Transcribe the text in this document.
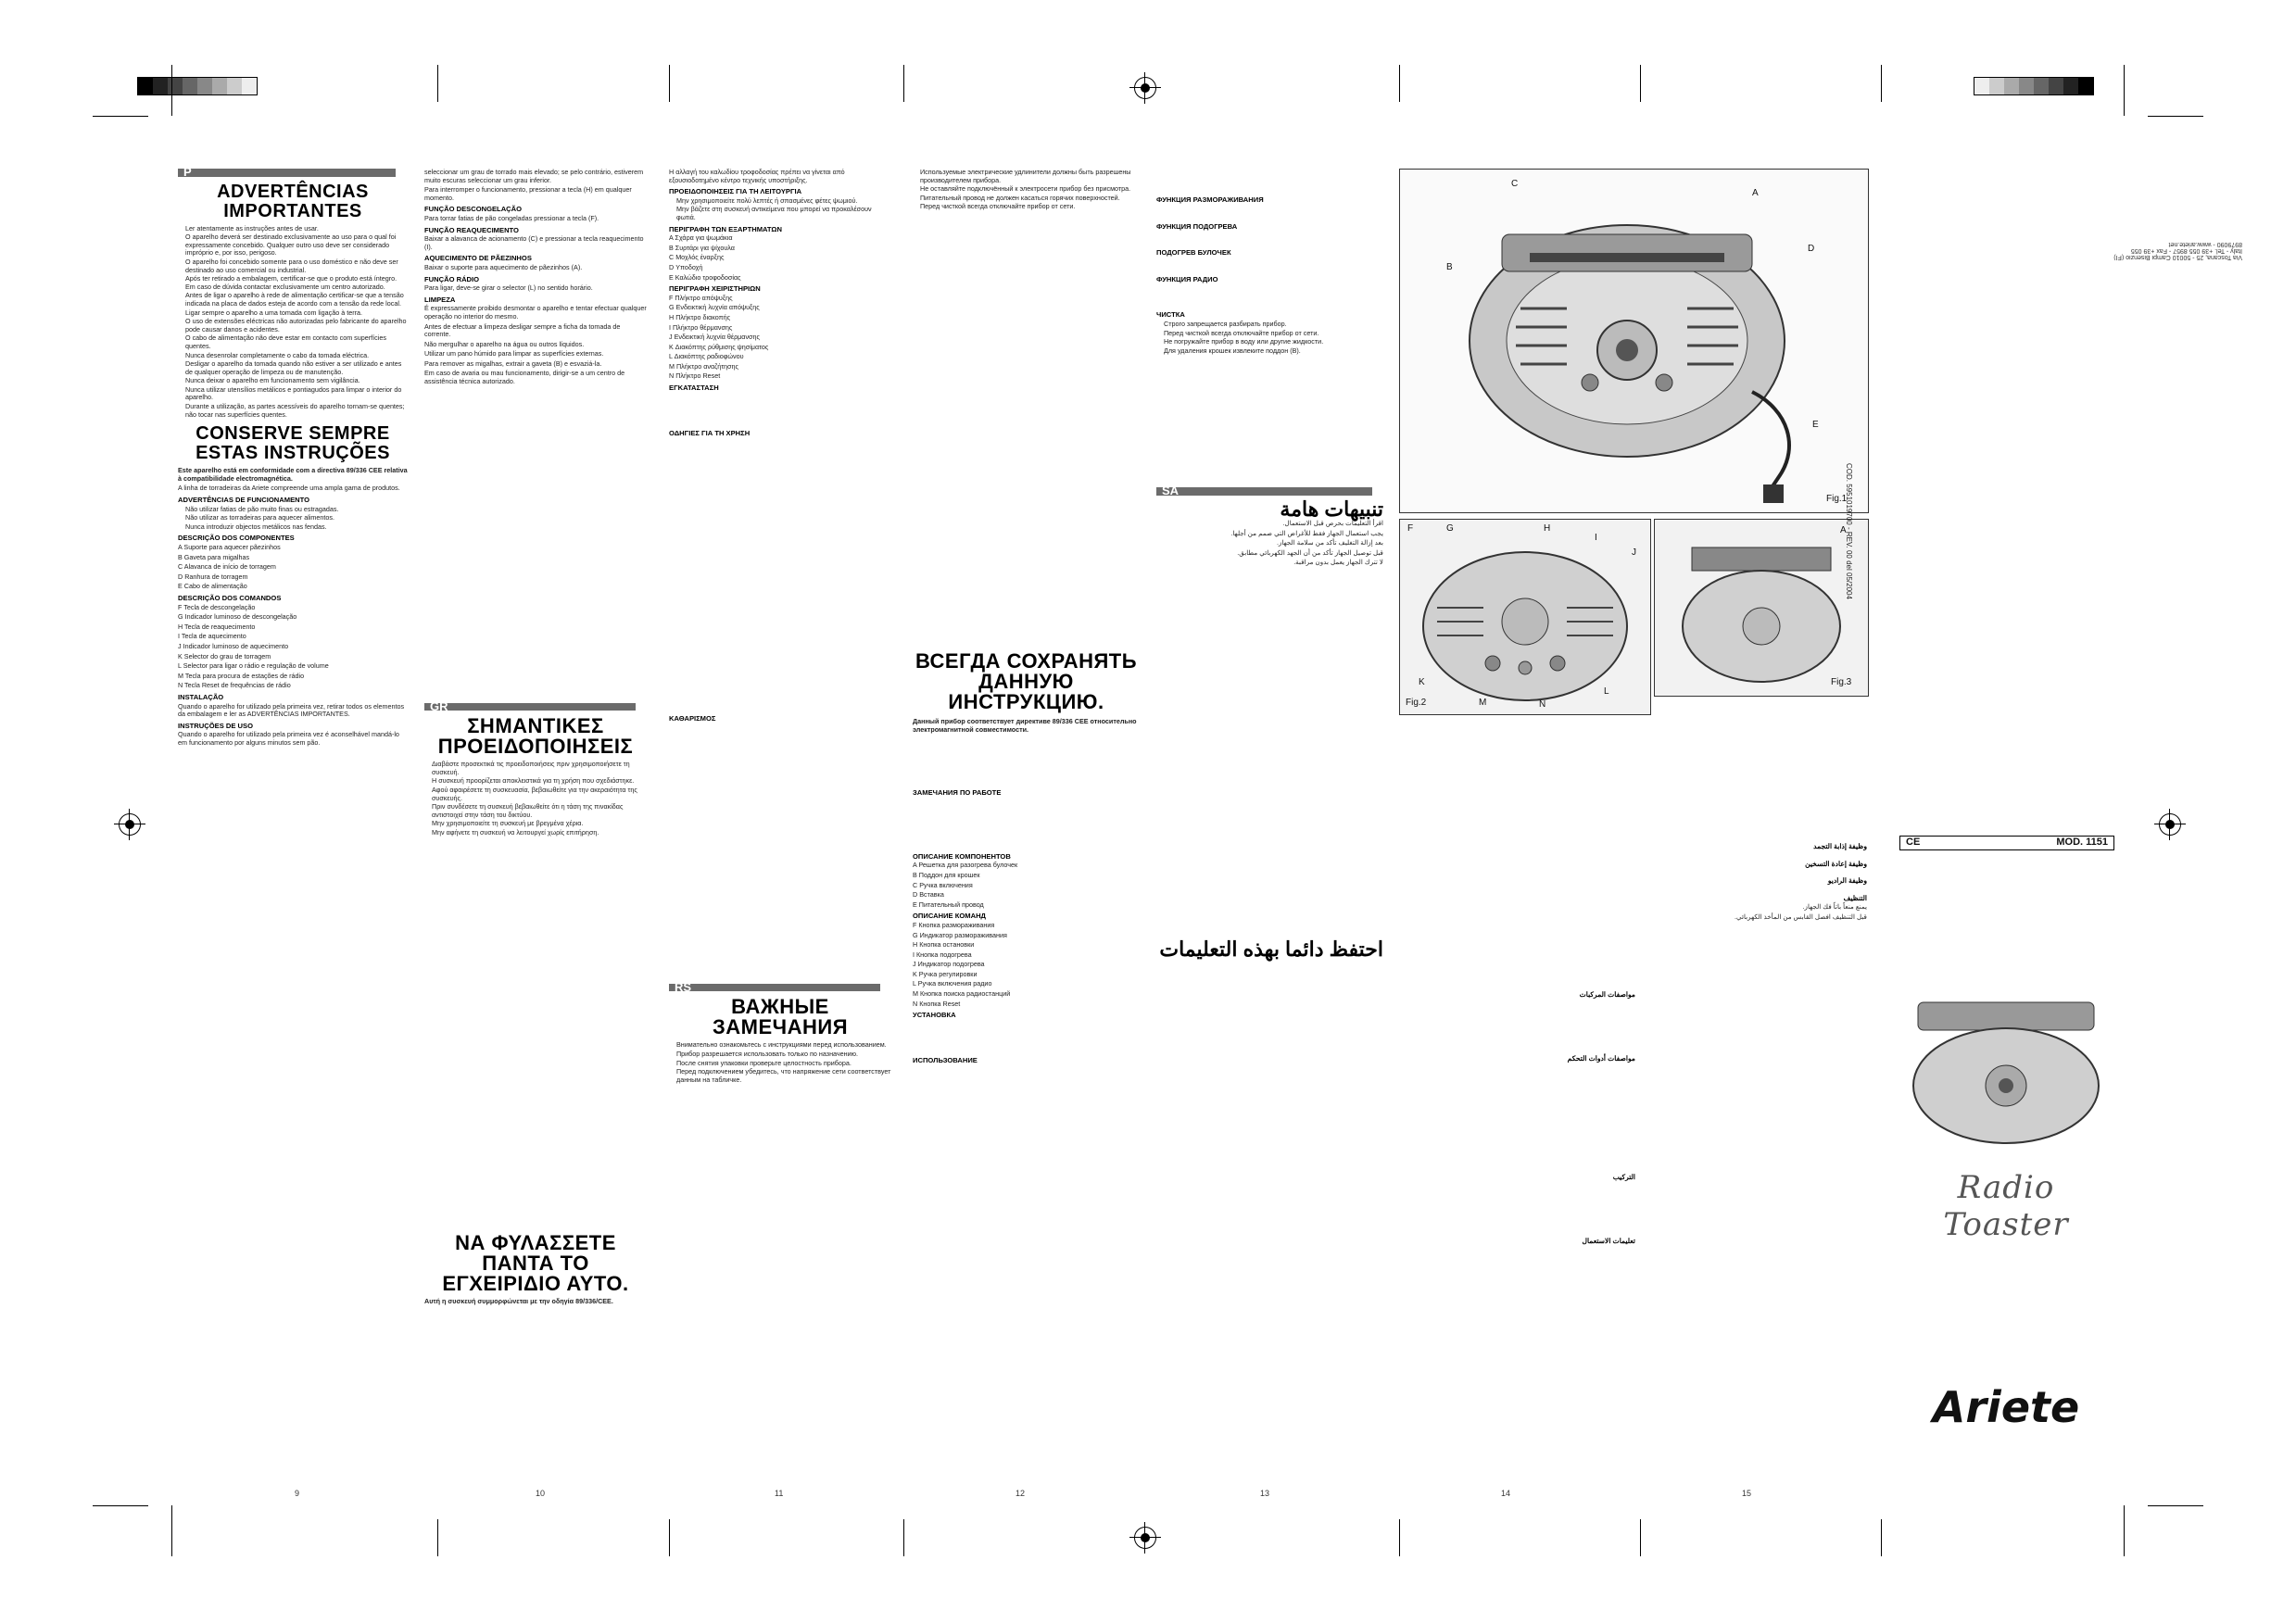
9	10	11	12	13	14	15
P
ADVERTÊNCIAS IMPORTANTES
• Ler atentamente as instruções antes de usar.
• O aparelho deverá ser destinado exclusivamente ao uso para o qual foi expressamente concebido. Qualquer outro uso deve ser considerado impróprio e, por isso, perigoso.
• O aparelho foi concebido somente para o uso doméstico e não deve ser destinado ao uso comercial ou industrial.
• Após ter retirado a embalagem, certificar-se que o produto está íntegro. Em caso de dúvida contactar exclusivamente um centro autorizado.
• Antes de ligar o aparelho à rede de alimentação certificar-se que a tensão indicada na placa de dados esteja de acordo com a tensão da rede local.
• Ligar sempre o aparelho a uma tomada com ligação à terra.
• O uso de extensões eléctricas não autorizadas pelo fabricante do aparelho pode causar danos e acidentes.
• O cabo de alimentação não deve estar em contacto com superfícies quentes.
• Nunca desenrolar completamente o cabo da tomada eléctrica.
• Desligar o aparelho da tomada quando não estiver a ser utilizado e antes de qualquer operação de limpeza ou de manutenção.
• Nunca deixar o aparelho em funcionamento sem vigilância.
• Nunca utilizar utensílios metálicos e pontiagudos para limpar o interior do aparelho.
• Durante a utilização, as partes acessíveis do aparelho tornam-se quentes; não tocar nas superfícies quentes.
CONSERVE SEMPRE ESTAS INSTRUÇÕES

Este aparelho está em conformidade com a directiva 89/336 CEE relativa à compatibilidade electromagnética.

A linha de torradeiras da Ariete compreende uma ampla gama de produtos.

ADVERTÊNCIAS DE FUNCIONAMENTO
• Não utilizar fatias de pão muito finas ou estragadas.
• Não utilizar as torradeiras para aquecer alimentos.
• Nunca introduzir objectos metálicos nas fendas.
DESCRIÇÃO DOS COMPONENTES

A Suporte para aquecer pãezinhos

B Gaveta para migalhas

C Alavanca de início de torragem

D Ranhura de torragem

E Cabo de alimentação

DESCRIÇÃO DOS COMANDOS

F Tecla de descongelação

G Indicador luminoso de descongelação

H Tecla de reaquecimento

I Tecla de aquecimento

J Indicador luminoso de aquecimento

K Selector do grau de torragem

L Selector para ligar o rádio e regulação de volume

M Tecla para procura de estações de rádio

N Tecla Reset de frequências de rádio

INSTALAÇÃO

Quando o aparelho for utilizado pela primeira vez, retirar todos os elementos da embalagem e ler as ADVERTÊNCIAS IMPORTANTES.

INSTRUÇÕES DE USO

Quando o aparelho for utilizado pela primeira vez é aconselhável mandá-lo em funcionamento por alguns minutos sem pão.

seleccionar um grau de torrado mais elevado; se pelo contrário, estiverem muito escuras seleccionar um grau inferior.

Para interromper o funcionamento, pressionar a tecla (H) em qualquer momento.

FUNÇÃO DESCONGELAÇÃO

Para torrar fatias de pão congeladas pressionar a tecla (F).

FUNÇÃO REAQUECIMENTO

Baixar a alavanca de acionamento (C) e pressionar a tecla reaquecimento (I).

AQUECIMENTO DE PÃEZINHOS

Baixar o suporte para aquecimento de pãezinhos (A).

FUNÇÃO RÁDIO

Para ligar, deve-se girar o selector (L) no sentido horário.

LIMPEZA

É expressamente proibido desmontar o aparelho e tentar efectuar qualquer operação no interior do mesmo.

Antes de efectuar a limpeza desligar sempre a ficha da tomada de corrente.

Não mergulhar o aparelho na água ou outros líquidos.

Utilizar um pano húmido para limpar as superfícies externas.

Para remover as migalhas, extrair a gaveta (B) e esvaziá-la.

Em caso de avaria ou mau funcionamento, dirigir-se a um centro de assistência técnica autorizado.

GR
ΣΗΜΑΝΤΙΚΕΣ ΠΡΟΕΙΔΟΠΟΙΗΣΕΙΣ
• Διαβάστε προσεκτικά τις προειδοποιήσεις πριν χρησιμοποιήσετε τη συσκευή.
• Η συσκευή προορίζεται αποκλειστικά για τη χρήση που σχεδιάστηκε.
• Αφού αφαιρέσετε τη συσκευασία, βεβαιωθείτε για την ακεραιότητα της συσκευής.
• Πριν συνδέσετε τη συσκευή βεβαιωθείτε ότι η τάση της πινακίδας αντιστοιχεί στην τάση του δικτύου.
• Μην χρησιμοποιείτε τη συσκευή με βρεγμένα χέρια.
• Μην αφήνετε τη συσκευή να λειτουργεί χωρίς επιτήρηση.
ΝΑ ΦΥΛΑΣΣΕΤΕ ΠΑΝΤΑ ΤΟ ΕΓΧΕΙΡΙΔΙΟ ΑΥΤΟ.

Αυτή η συσκευή συμμορφώνεται με την οδηγία 89/336/CEE.

Η αλλαγή του καλωδίου τροφοδοσίας πρέπει να γίνεται από εξουσιοδοτημένο κέντρο τεχνικής υποστήριξης.

ΠΡΟΕΙΔΟΠΟΙΗΣΕΙΣ ΓΙΑ ΤΗ ΛΕΙΤΟΥΡΓΙΑ
• Μην χρησιμοποιείτε πολύ λεπτές ή σπασμένες φέτες ψωμιού.
• Μην βάζετε στη συσκευή αντικείμενα που μπορεί να προκαλέσουν φωτιά.
ΠΕΡΙΓΡΑΦΗ ΤΩΝ ΕΞΑΡΤΗΜΑΤΩΝ

A Σχάρα για ψωμάκια

B Συρτάρι για ψίχουλα

C Μοχλός έναρξης

D Υποδοχή

E Καλώδιο τροφοδοσίας

ΠΕΡΙΓΡΑΦΗ ΧΕΙΡΙΣΤΗΡΙΩΝ

F Πλήκτρο απόψυξης

G Ενδεικτική λυχνία απόψυξης

H Πλήκτρο διακοπής

I Πλήκτρο θέρμανσης

J Ενδεικτική λυχνία θέρμανσης

K Διακόπτης ρύθμισης ψησίματος

L Διακόπτης ραδιοφώνου

M Πλήκτρο αναζήτησης

N Πλήκτρο Reset

ΕΓΚΑΤΑΣΤΑΣΗ
ΟΔΗΓΙΕΣ ΓΙΑ ΤΗ ΧΡΗΣΗ
ΚΑΘΑΡΙΣΜΟΣ
RS
ВАЖНЫЕ ЗАМЕЧАНИЯ
• Внимательно ознакомьтесь с инструкциями перед использованием.
• Прибор разрешается использовать только по назначению.
• После снятия упаковки проверьте целостность прибора.
• Перед подключением убедитесь, что напряжение сети соответствует данным на табличке.
• Используемые электрические удлинители должны быть разрешены производителем прибора.
• Не оставляйте подключённый к электросети прибор без присмотра.
• Питательный провод не должен касаться горячих поверхностей.
• Перед чисткой всегда отключайте прибор от сети.
ВСЕГДА СОХРАНЯТЬ ДАННУЮ ИНСТРУКЦИЮ.

Данный прибор соответствует директиве 89/336 CEE относительно электромагнитной совместимости.

ЗАМЕЧАНИЯ ПО РАБОТЕ
ОПИСАНИЕ КОМПОНЕНТОВ

A Решетка для разогрева булочек

B Поддон для крошек

C Ручка включения

D Вставка

E Питательный провод

ОПИСАНИЕ КОМАНД

F Кнопка размораживания

G Индикатор размораживания

H Кнопка остановки

I Кнопка подогрева

J Индикатор подогрева

K Ручка регулировки

L Ручка включения радио

M Кнопка поиска радиостанций

N Кнопка Reset

УСТАНОВКА
ИСПОЛЬЗОВАНИЕ
ФУНКЦИЯ РАЗМОРАЖИВАНИЯ
ФУНКЦИЯ ПОДОГРЕВА
ПОДОГРЕВ БУЛОЧЕК
ФУНКЦИЯ РАДИО
ЧИСТКА
• Строго запрещается разбирать прибор.
• Перед чисткой всегда отключайте прибор от сети.
• Не погружайте прибор в воду или другие жидкости.
• Для удаления крошек извлеките поддон (B).
SA
تنبيهات هامة

اقرأ التعليمات بحرص قبل الاستعمال.

يجب استعمال الجهاز فقط للأغراض التي صمم من أجلها.

بعد إزالة التغليف تأكد من سلامة الجهاز.

قبل توصيل الجهاز تأكد من أن الجهد الكهربائي مطابق.

لا تترك الجهاز يعمل بدون مراقبة.

احتفظ دائما بهذه التعليمات
C
A
B
D
E
Fig.1
F	G	H
I
J
K
L
M	N
Fig.2
A
Fig.3
مواصفات المركبات
مواصفات أدوات التحكم
التركيب
تعليمات الاستعمال
وظيفة إذابة التجمد
وظيفة إعادة التسخين
وظيفة الراديو
التنظيف

يمنع منعاً باتاً فك الجهاز.

قبل التنظيف افصل القابس من المأخذ الكهربائي.

CE	MOD. 1151
Radio Toaster
Ariete
COD. 5951019700 - REV. 00 del 05/2004
Via Toscana, 25 - 50010 Campi Bisenzio (FI) Italy - Tel. +39 055 8957 - Fax +39 055 8979090 - www.ariete.net
